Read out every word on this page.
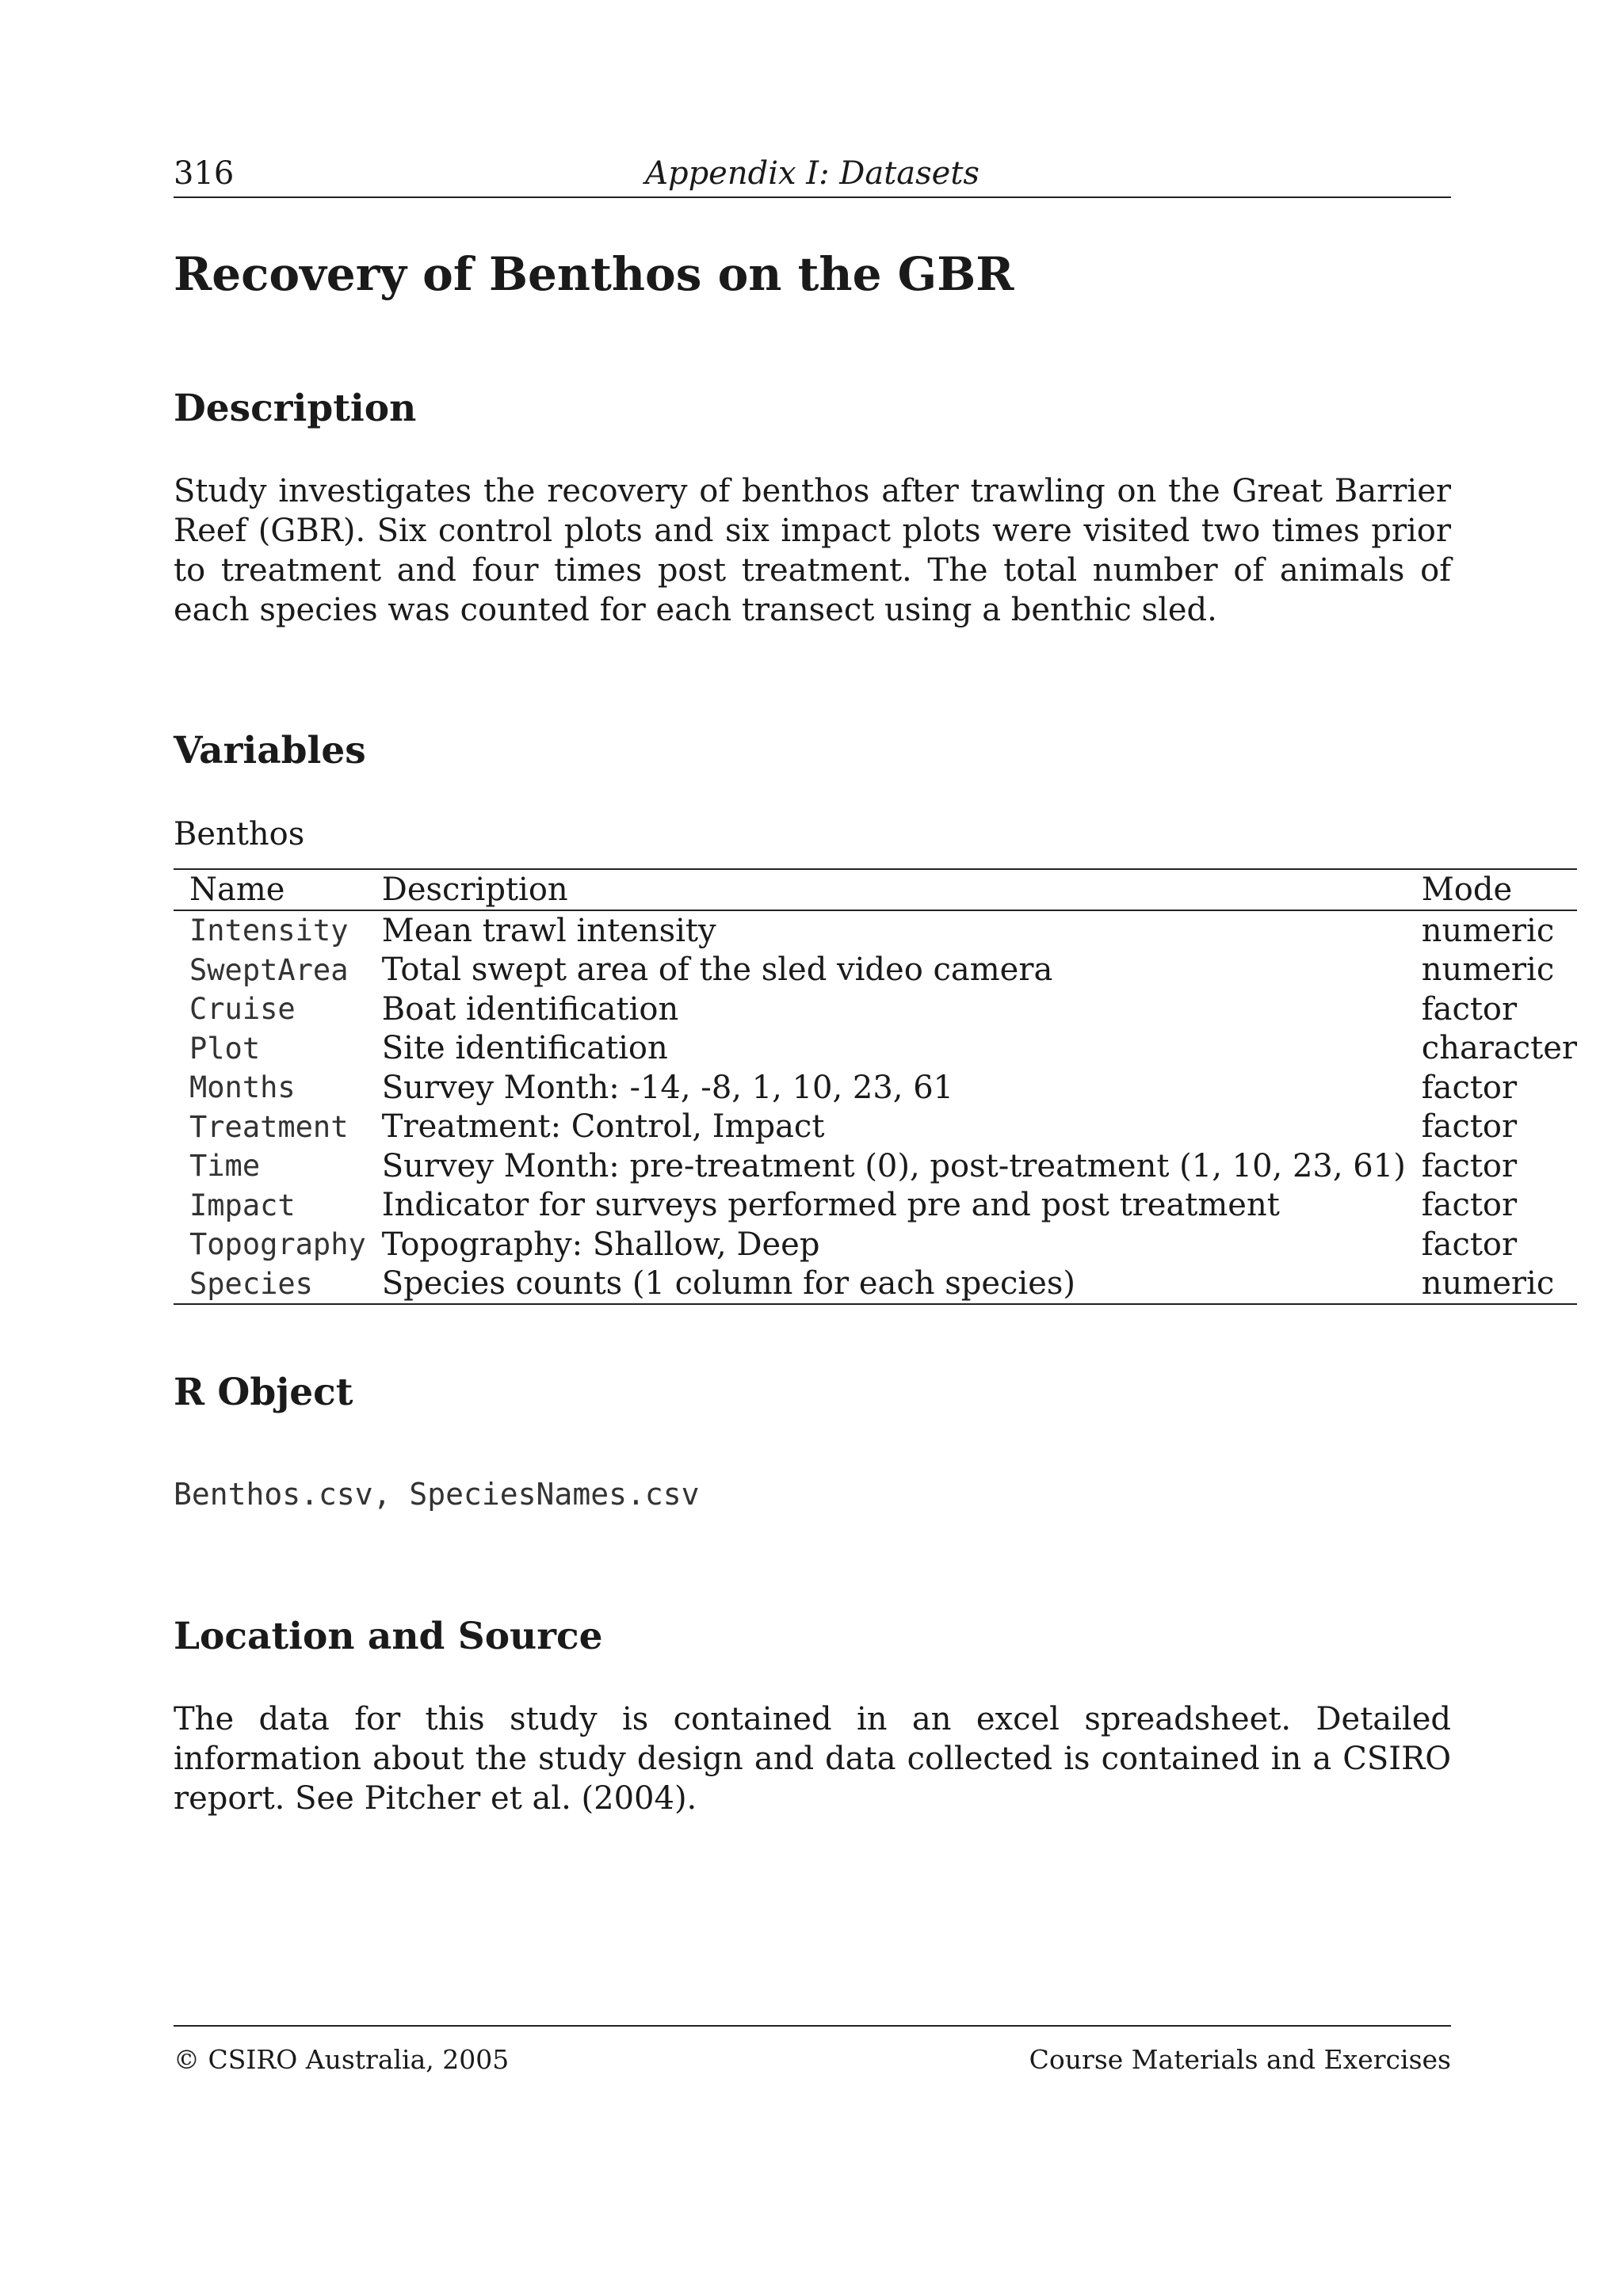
316	Appendix I: Datasets
Recovery of Benthos on the GBR
Description

Study investigates the recovery of benthos after trawling on the Great Barrier Reef (GBR). Six control plots and six impact plots were visited two times prior to treatment and four times post treatment. The total number of animals of each species was counted for each transect using a benthic sled.

Variables
Benthos
Name	Description	Mode
Intensity	Mean trawl intensity	numeric
SweptArea	Total swept area of the sled video camera	numeric
Cruise	Boat identification	factor
Plot	Site identification	character
Months	Survey Month: -14, -8, 1, 10, 23, 61	factor
Treatment	Treatment: Control, Impact	factor
Time	Survey Month: pre-treatment (0), post-treatment (1, 10, 23, 61)	factor
Impact	Indicator for surveys performed pre and post treatment	factor
Topography	Topography: Shallow, Deep	factor
Species	Species counts (1 column for each species)	numeric
R Object
Benthos.csv, SpeciesNames.csv
Location and Source

The data for this study is contained in an excel spreadsheet. Detailed information about the study design and data collected is contained in a CSIRO report. See Pitcher et al. (2004).

© CSIRO Australia, 2005	Course Materials and Exercises
